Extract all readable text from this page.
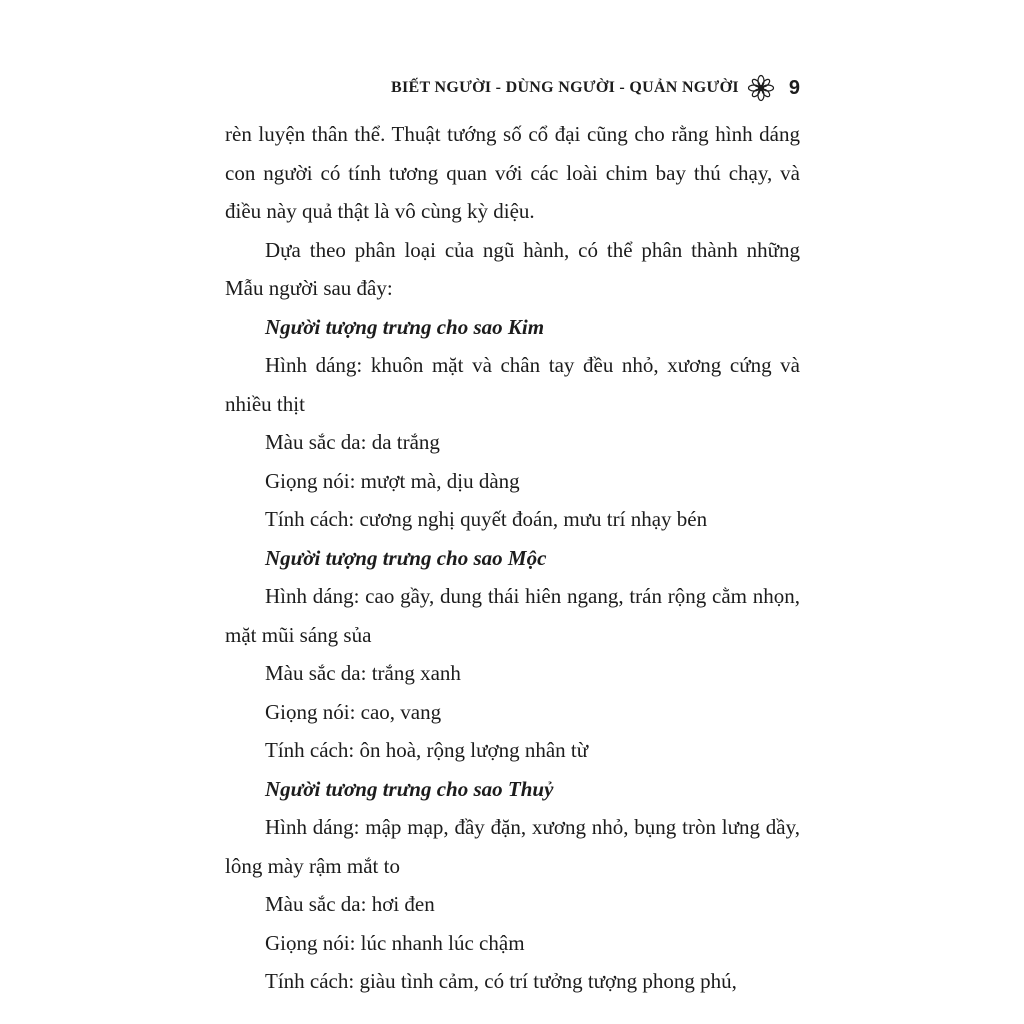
BIẾT NGƯỜI - DÙNG NGƯỜI - QUẢN NGƯỜI	9

rèn luyện thân thể. Thuật tướng số cổ đại cũng cho rằng hình dáng con người có tính tương quan với các loài chim bay thú chạy, và điều này quả thật là vô cùng kỳ diệu.

Dựa theo phân loại của ngũ hành, có thể phân thành những Mẫu người sau đây:

Người tượng trưng cho sao Kim

Hình dáng: khuôn mặt và chân tay đều nhỏ, xương cứng và nhiều thịt

Màu sắc da: da trắng

Giọng nói: mượt mà, dịu dàng

Tính cách: cương nghị quyết đoán, mưu trí nhạy bén

Người tượng trưng cho sao Mộc

Hình dáng: cao gầy, dung thái hiên ngang, trán rộng cằm nhọn, mặt mũi sáng sủa

Màu sắc da: trắng xanh

Giọng nói: cao, vang

Tính cách: ôn hoà, rộng lượng nhân từ

Người tương trưng cho sao Thuỷ

Hình dáng: mập mạp, đầy đặn, xương nhỏ, bụng tròn lưng dầy, lông mày rậm mắt to

Màu sắc da: hơi đen

Giọng nói: lúc nhanh lúc chậm

Tính cách: giàu tình cảm, có trí tưởng tượng phong phú,
